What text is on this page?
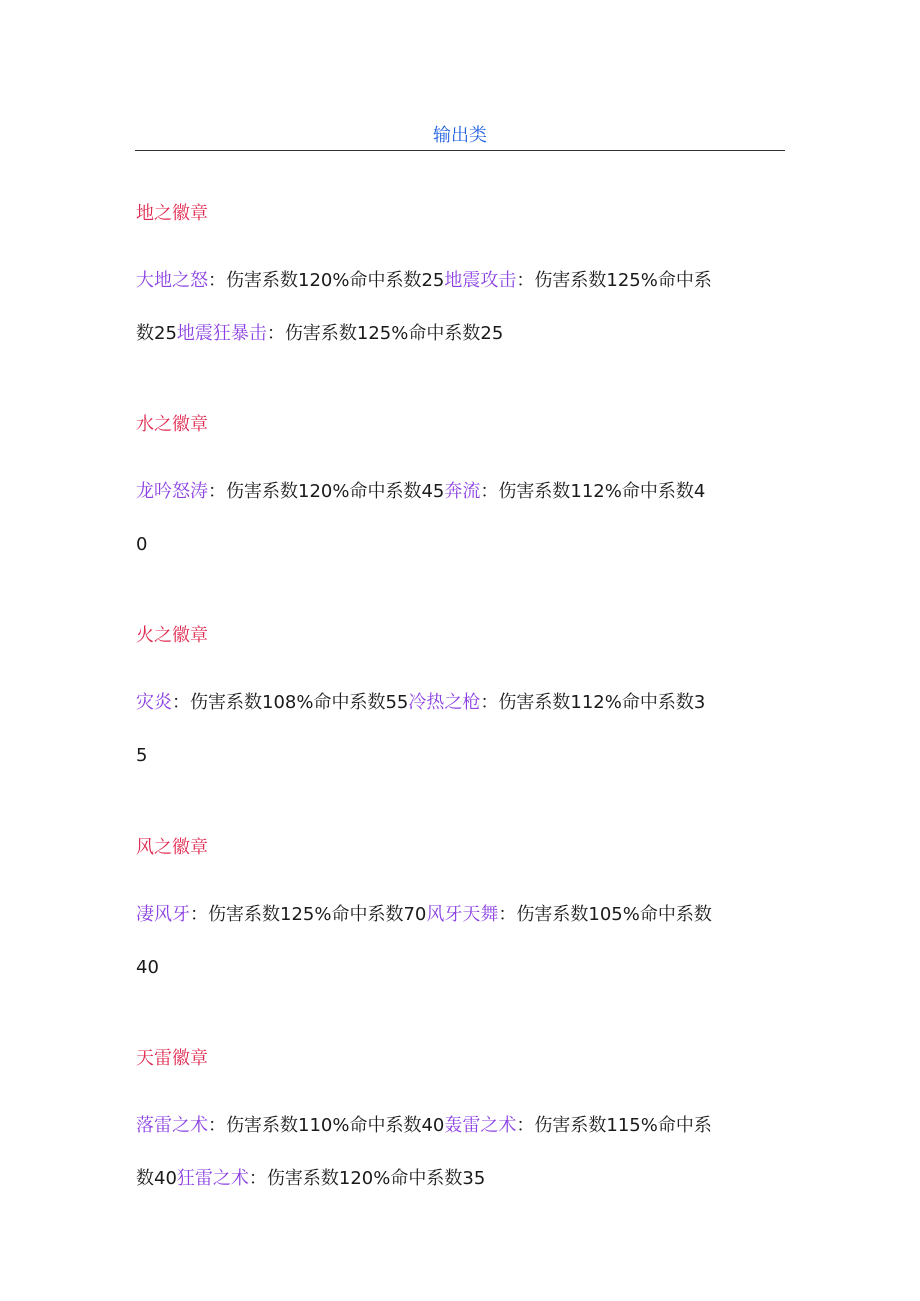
输出类
地之徽章
大地之怒：伤害系数120%命中系数25地震攻击：伤害系数125%命中系数25地震狂暴击：伤害系数125%命中系数25
水之徽章
龙吟怒涛：伤害系数120%命中系数45奔流：伤害系数112%命中系数40
火之徽章
灾炎：伤害系数108%命中系数55冷热之枪：伤害系数112%命中系数35
风之徽章
凄风牙：伤害系数125%命中系数70风牙天舞：伤害系数105%命中系数40
天雷徽章
落雷之术：伤害系数110%命中系数40轰雷之术：伤害系数115%命中系数40狂雷之术：伤害系数120%命中系数35
